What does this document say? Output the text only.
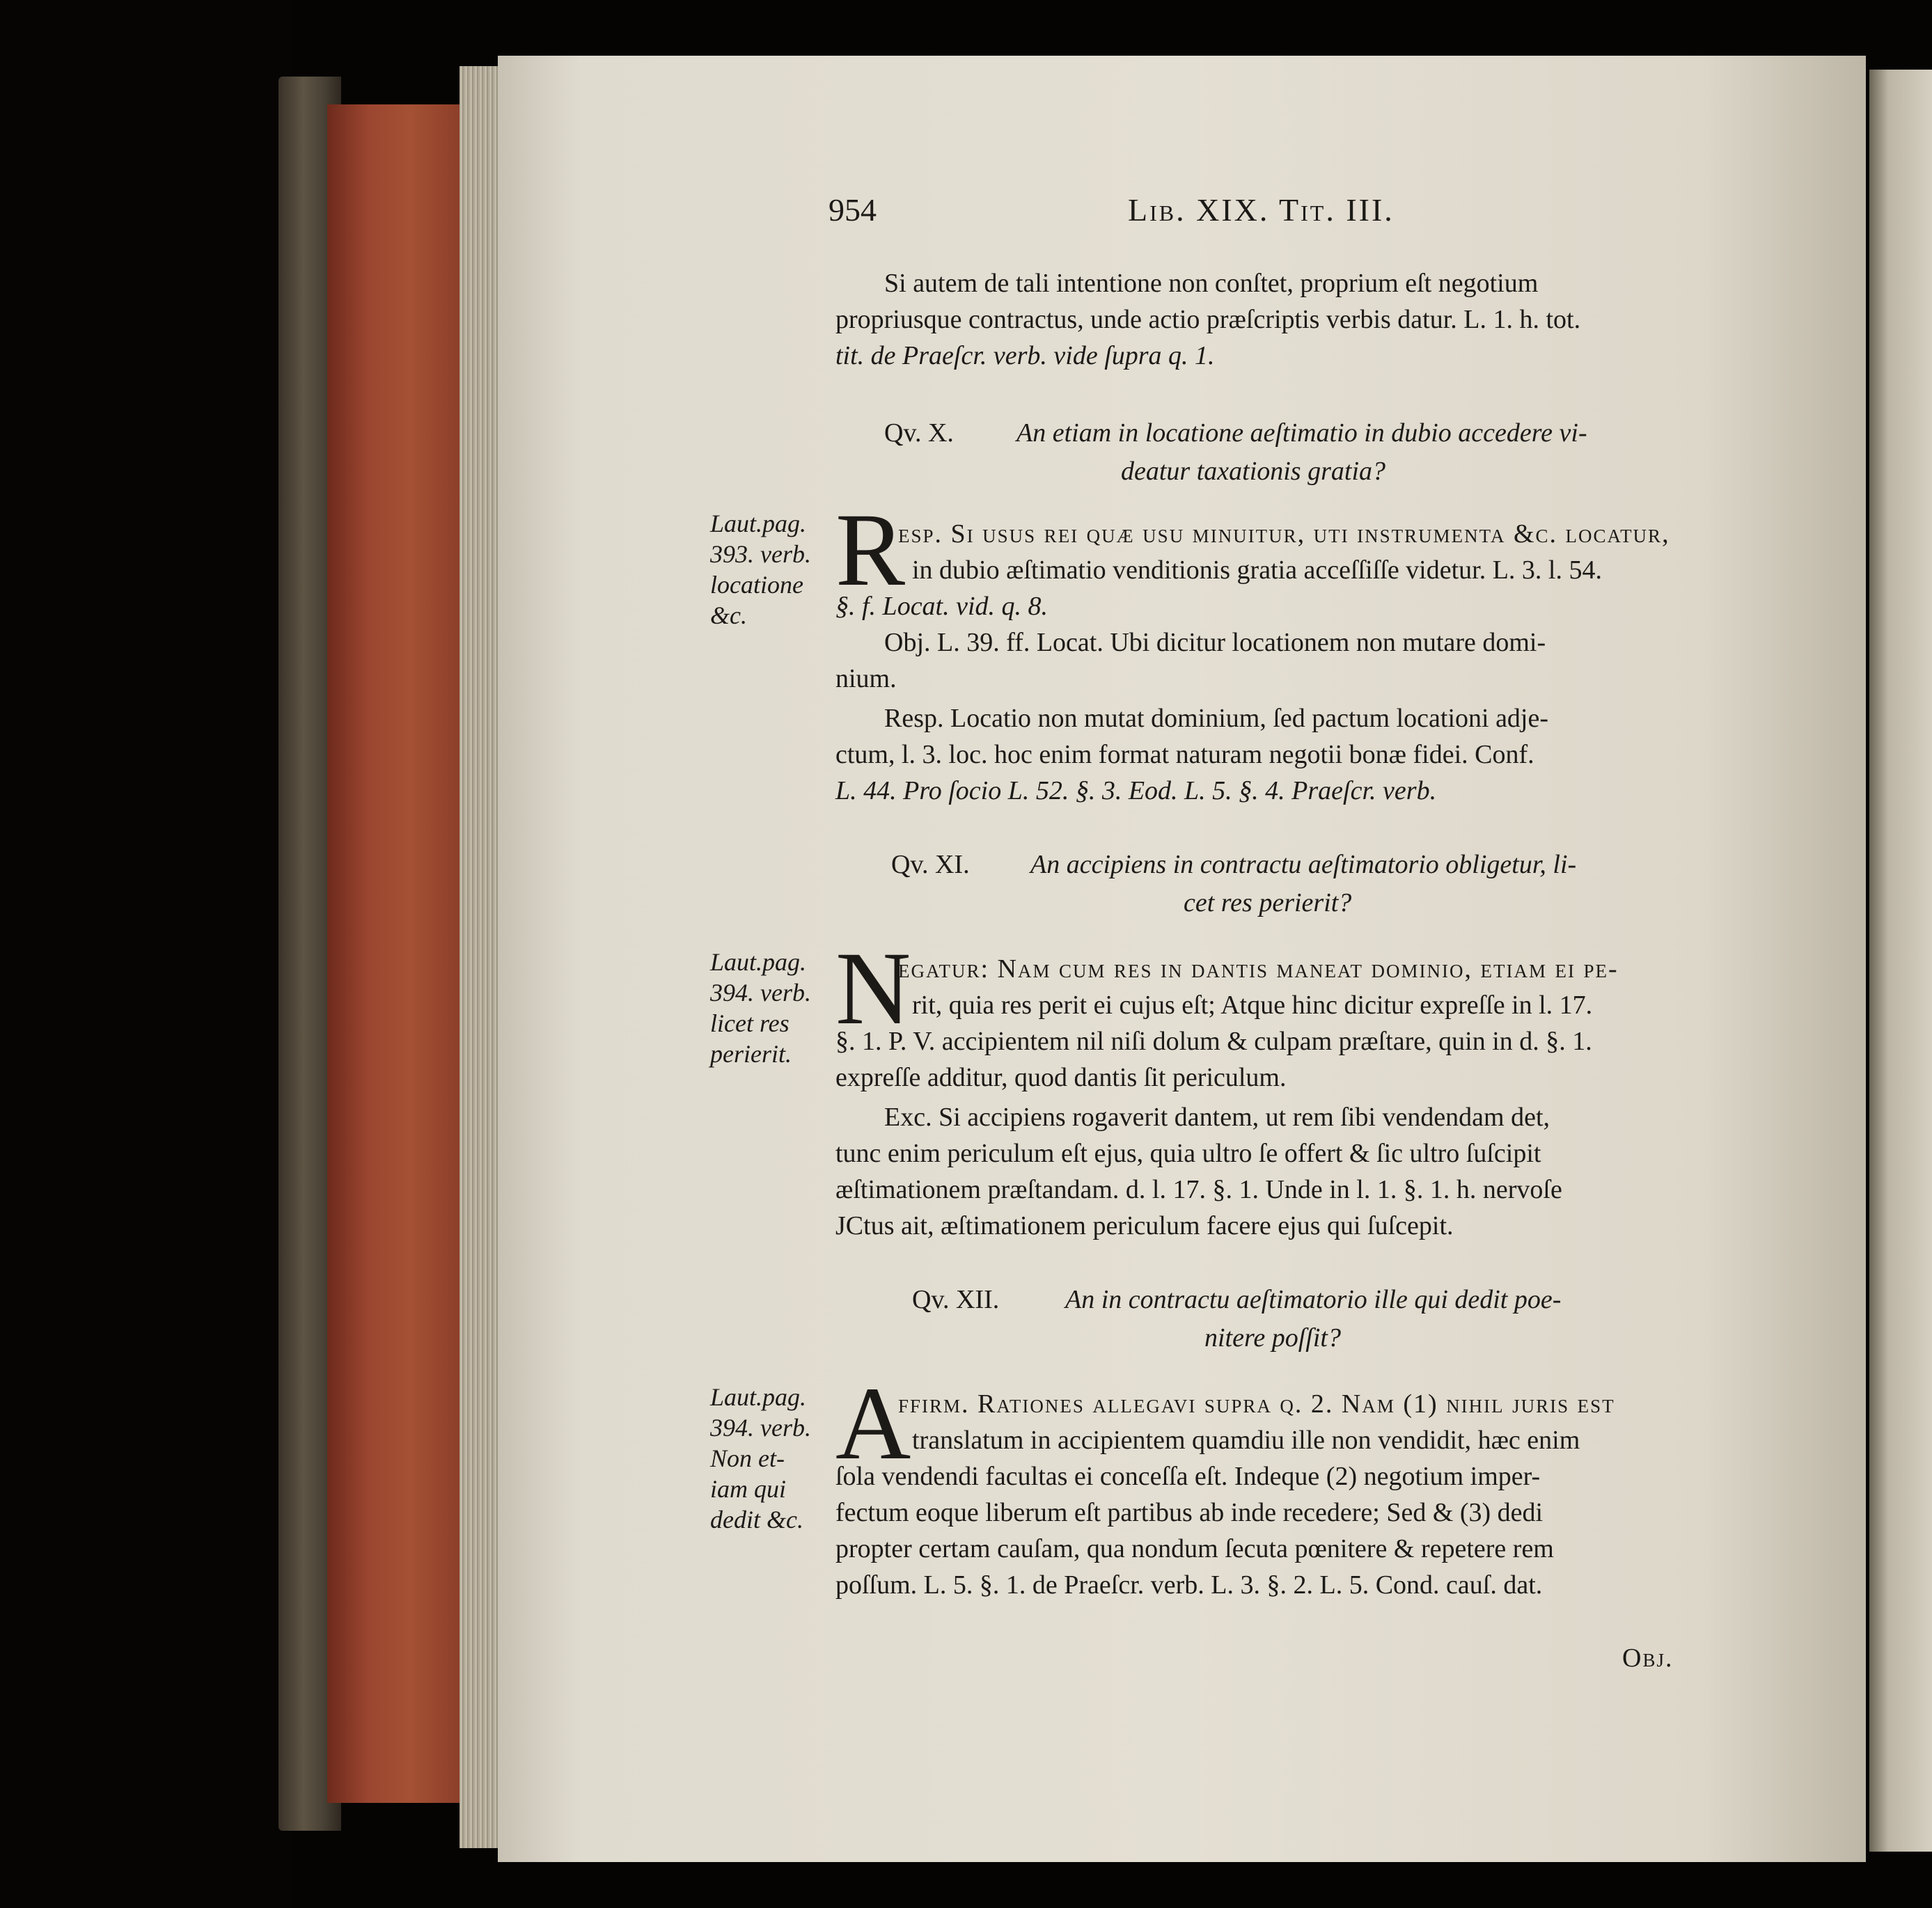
954	Lib. XIX. Tit. III.
Si autem de tali intentione non conſtet, proprium eſt negotium
propriusque contractus, unde actio præſcriptis verbis datur. L. 1. h. tot.
tit. de Praeſcr. verb. vide ſupra q. 1.
Qv. X. An etiam in locatione aeſtimatio in dubio accedere vi-
deatur taxationis gratia?
Laut.pag.
393. verb.
locatione
&c.
R
esp. Si uſus rei quæ uſu minuitur, uti inſtrumenta &c. locatur,
in dubio æſtimatio venditionis gratia acceſſiſſe videtur. L. 3. l. 54.
§. f. Locat. vid. q. 8.
Obj. L. 39. ff. Locat. Ubi dicitur locationem non mutare domi-
nium.
Resp. Locatio non mutat dominium, ſed pactum locationi adje-
ctum, l. 3. loc. hoc enim format naturam negotii bonæ fidei. Conf.
L. 44. Pro ſocio L. 52. §. 3. Eod. L. 5. §. 4. Praeſcr. verb.
Qv. XI. An accipiens in contractu aeſtimatorio obligetur, li-
cet res perierit?
Laut.pag.
394. verb.
licet res
perierit.
N
egatur: Nam cum res in dantis maneat dominio, etiam ei pe-
rit, quia res perit ei cujus eſt; Atque hinc dicitur expreſſe in l. 17.
§. 1. P. V. accipientem nil niſi dolum & culpam præſtare, quin in d. §. 1.
expreſſe additur, quod dantis ſit periculum.
Exc. Si accipiens rogaverit dantem, ut rem ſibi vendendam det,
tunc enim periculum eſt ejus, quia ultro ſe offert & ſic ultro ſuſcipit
æſtimationem præſtandam. d. l. 17. §. 1. Unde in l. 1. §. 1. h. nervoſe
JCtus ait, æſtimationem periculum facere ejus qui ſuſcepit.
Qv. XII. An in contractu aeſtimatorio ille qui dedit poe-
nitere poſſit?
Laut.pag.
394. verb.
Non et-
iam qui
dedit &c.
A
ffirm. Rationes allegavi ſupra q. 2. Nam (1) nihil juris eſt
translatum in accipientem quamdiu ille non vendidit, hæc enim
ſola vendendi facultas ei conceſſa eſt. Indeque (2) negotium imper-
fectum eoque liberum eſt partibus ab inde recedere; Sed & (3) dedi
propter certam cauſam, qua nondum ſecuta pœnitere & repetere rem
poſſum. L. 5. §. 1. de Praeſcr. verb. L. 3. §. 2. L. 5. Cond. cauſ. dat.
Obj.
